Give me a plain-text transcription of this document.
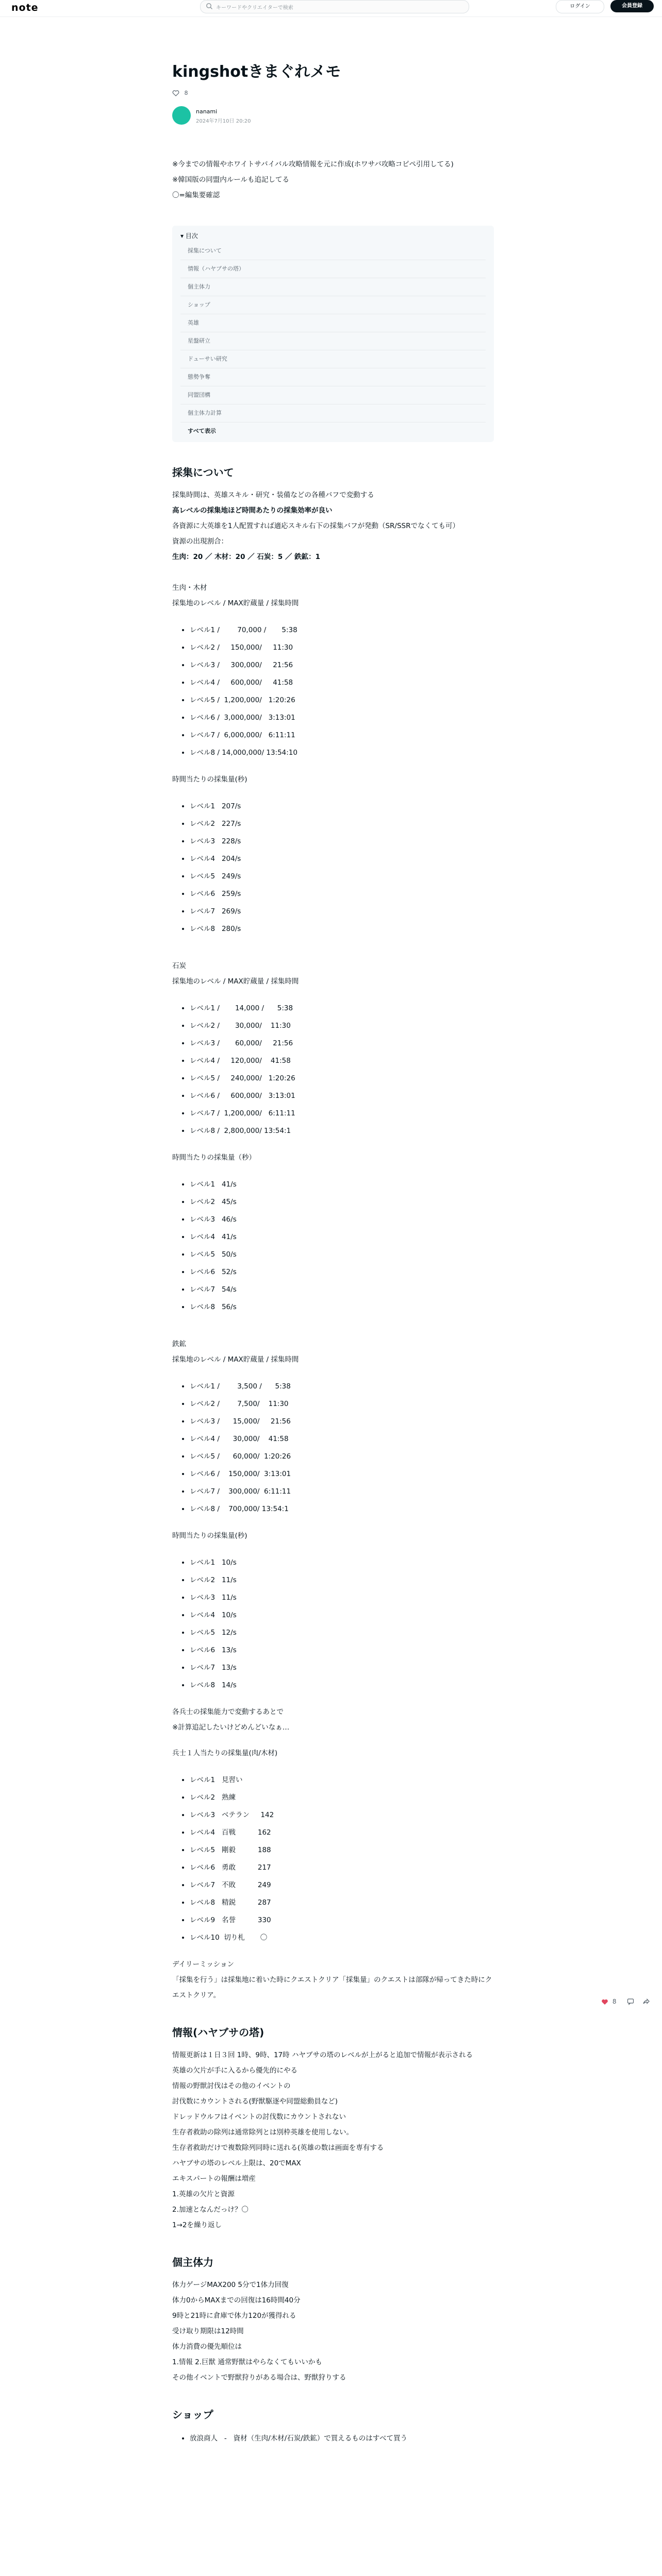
note	キーワードやクリエイターで検索	ログイン	会員登録
kingshotきまぐれメモ
8
nanami
2024年7月10日 20:20

※今までの情報やホワイトサバイバル攻略情報を元に作成(ホワサバ攻略コピペ引用してる)

※韓国版の同盟内ルールも追記してる

〇=編集要確認

▾ 目次
採集について
情報（ハヤブサの塔）
個主体力
ショップ
英雄
星盤研立
ドューサい研究
態勢争奪
同盟団構
個主体力計算
すべて表示
採集について

採集時間は、英雄スキル・研究・装備などの各種バフで変動する

高レベルの採集地ほど時間あたりの採集効率が良い

各資源に大英雄を1人配置すれば適応スキル右下の採集バフが発動（SR/SSRでなくても可）

資源の出現割合：

生肉：20 ／ 木材：20 ／ 石炭：5 ／ 鉄鉱：1

生肉・木材

採集地のレベル / MAX貯蔵量 / 採集時間

• レベル1 /        70,000 /       5:38
• レベル2 /     150,000/     11:30
• レベル3 /     300,000/     21:56
• レベル4 /     600,000/     41:58
• レベル5 /  1,200,000/   1:20:26
• レベル6 /  3,000,000/   3:13:01
• レベル7 /  6,000,000/   6:11:11
• レベル8 / 14,000,000/ 13:54:10

時間当たりの採集量(秒)

• レベル1   207/s
• レベル2   227/s
• レベル3   228/s
• レベル4   204/s
• レベル5   249/s
• レベル6   259/s
• レベル7   269/s
• レベル8   280/s

石炭

採集地のレベル / MAX貯蔵量 / 採集時間

• レベル1 /       14,000 /      5:38
• レベル2 /       30,000/    11:30
• レベル3 /       60,000/     21:56
• レベル4 /     120,000/    41:58
• レベル5 /     240,000/   1:20:26
• レベル6 /     600,000/   3:13:01
• レベル7 /  1,200,000/   6:11:11
• レベル8 /  2,800,000/ 13:54:1

時間当たりの採集量（秒）

• レベル1   41/s
• レベル2   45/s
• レベル3   46/s
• レベル4   41/s
• レベル5   50/s
• レベル6   52/s
• レベル7   54/s
• レベル8   56/s

鉄鉱

採集地のレベル / MAX貯蔵量 / 採集時間

• レベル1 /        3,500 /      5:38
• レベル2 /        7,500/    11:30
• レベル3 /      15,000/     21:56
• レベル4 /      30,000/    41:58
• レベル5 /      60,000/  1:20:26
• レベル6 /    150,000/  3:13:01
• レベル7 /    300,000/  6:11:11
• レベル8 /    700,000/ 13:54:1

時間当たりの採集量(秒)

• レベル1   10/s
• レベル2   11/s
• レベル3   11/s
• レベル4   10/s
• レベル5   12/s
• レベル6   13/s
• レベル7   13/s
• レベル8   14/s

各兵士の採集能力で変動するあとで

※計算追記したいけどめんどいなぁ…

兵士１人当たりの採集量(肉/木材)

• レベル1   見習い
• レベル2   熟練
• レベル3   ベテラン     142
• レベル4   百戦          162
• レベル5   剛毅          188
• レベル6   勇敢          217
• レベル7   不敗          249
• レベル8   精鋭          287
• レベル9   名誉          330
• レベル10  切り札       〇

デイリーミッション

「採集を行う」は採集地に着いた時にクエストクリア「採集量」のクエストは部隊が帰ってきた時にクエストクリア。

情報(ハヤブサの塔)

情報更新は１日３回 1時、9時、17時 ハヤブサの塔のレベルが上がると追加で情報が表示される

英雄の欠片が手に入るから優先的にやる

情報の野獣討伐はその他のイベントの

討伐数にカウントされる(野獣駆逐や同盟総動員など)

ドレッドウルフはイベントの討伐数にカウントされない

生存者救助の除列は通常除列とは別枠英雄を使用しない。

生存者救助だけで複数除列同時に送れる(英雄の数は画面を専有する

ハヤブサの塔のレベル上限は、20でMAX

エキスパートの報酬は増産

1.英雄の欠片と資源

2.加速となんだっけ？〇

1→2を繰り返し

個主体力

体力ゲージMAX200 5分で1体力回復

体力0からMAXまでの回復は16時間40分

9時と21時に倉庫で体力120が獲得れる

受け取り期限は12時間

体力消費の優先順位は

1.情報 2.巨獣 通常野獣はやらなくてもいいかも

その他イベントで野獣狩りがある場合は、野獣狩りする

ショップ
• 放浪商人   -   資材（生肉/木材/石炭/鉄鉱）で買えるものはすべて買う
8
